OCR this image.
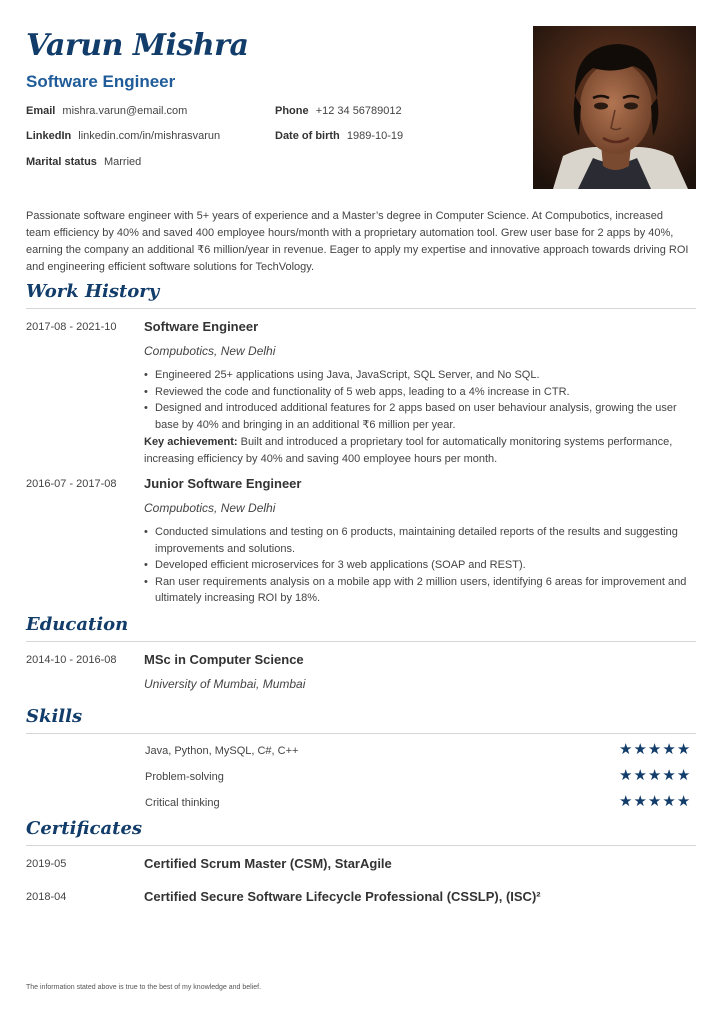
Varun Mishra
Software Engineer
Email mishra.varun@email.com	Phone +12 34 56789012
LinkedIn linkedin.com/in/mishrasvarun	Date of birth 1989-10-19
Marital status Married
Passionate software engineer with 5+ years of experience and a Master’s degree in Computer Science. At Compubotics, increased team efficiency by 40% and saved 400 employee hours/month with a proprietary automation tool. Grew user base for 2 apps by 40%, earning the company an additional ₹6 million/year in revenue. Eager to apply my expertise and innovative approach towards driving ROI and engineering efficient software solutions for TechVology.
Work History
2017-08 - 2021-10 Software Engineer
Compubotics, New Delhi
• Engineered 25+ applications using Java, JavaScript, SQL Server, and No SQL.
• Reviewed the code and functionality of 5 web apps, leading to a 4% increase in CTR.
• Designed and introduced additional features for 2 apps based on user behaviour analysis, growing the user base by 40% and bringing in an additional ₹6 million per year.
Key achievement: Built and introduced a proprietary tool for automatically monitoring systems performance, increasing efficiency by 40% and saving 400 employee hours per month.
2016-07 - 2017-08 Junior Software Engineer
Compubotics, New Delhi
• Conducted simulations and testing on 6 products, maintaining detailed reports of the results and suggesting improvements and solutions.
• Developed efficient microservices for 3 web applications (SOAP and REST).
• Ran user requirements analysis on a mobile app with 2 million users, identifying 6 areas for improvement and ultimately increasing ROI by 18%.
Education
2014-10 - 2016-08 MSc in Computer Science
University of Mumbai, Mumbai
Skills
Java, Python, MySQL, C#, C++	★★★★★
Problem-solving	★★★★★
Critical thinking	★★★★★
Certificates
2019-05	Certified Scrum Master (CSM), StarAgile
2018-04	Certified Secure Software Lifecycle Professional (CSSLP), (ISC)²
The information stated above is true to the best of my knowledge and belief.
